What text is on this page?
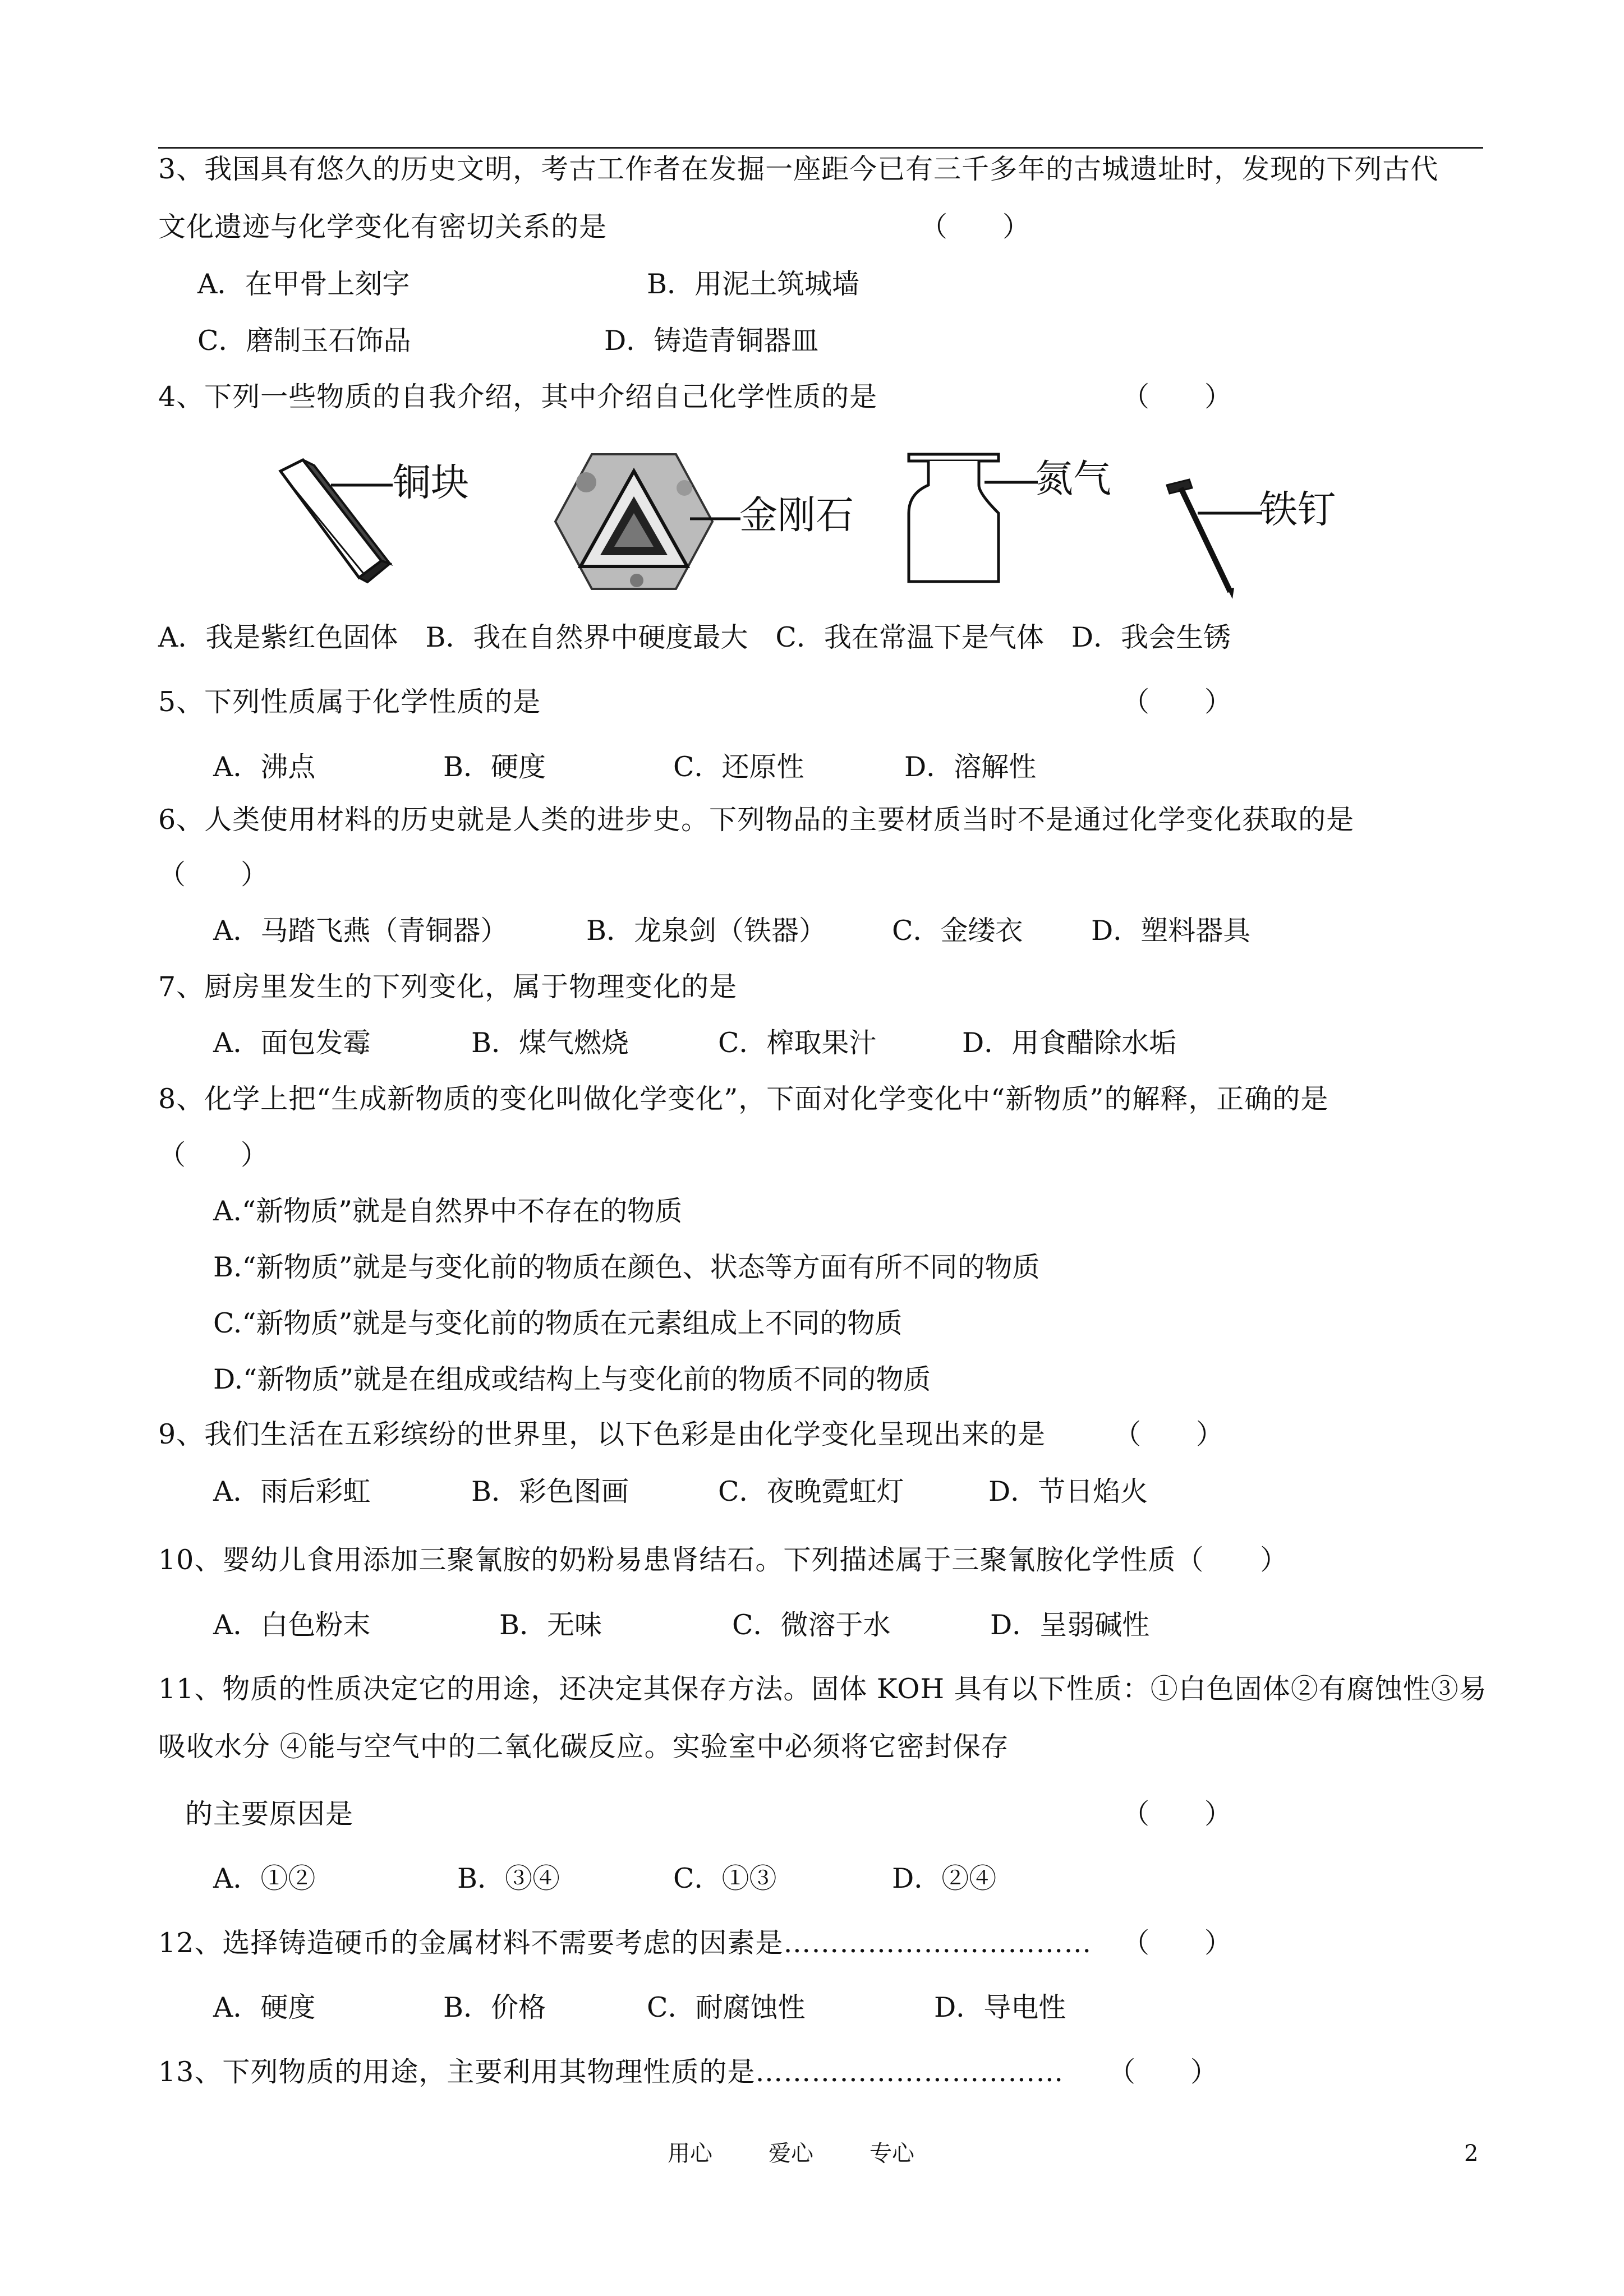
3、我国具有悠久的历史文明，考古工作者在发掘一座距今已有三千多年的古城遗址时，发现的下列古代
文化遗迹与化学变化有密切关系的是	（　　）
A．在甲骨上刻字	B．用泥土筑城墙
C．磨制玉石饰品	D．铸造青铜器皿
4、下列一些物质的自我介绍，其中介绍自己化学性质的是	（　　）
铜块
金刚石
氮气
铁钉
A．我是紫红色固体　B．我在自然界中硬度最大　C．我在常温下是气体　D．我会生锈
5、下列性质属于化学性质的是	（　　）
A．沸点	B．硬度	C．还原性	D．溶解性
6、人类使用材料的历史就是人类的进步史。下列物品的主要材质当时不是通过化学变化获取的是
（　　）
A．马踏飞燕（青铜器）	B．龙泉剑（铁器） C．金缕衣 D．塑料器具
7、厨房里发生的下列变化，属于物理变化的是
A．面包发霉	B．煤气燃烧	C．榨取果汁	D．用食醋除水垢
8、化学上把“生成新物质的变化叫做化学变化”，下面对化学变化中“新物质”的解释，正确的是
（　　）
A.“新物质”就是自然界中不存在的物质
B.“新物质”就是与变化前的物质在颜色、状态等方面有所不同的物质
C.“新物质”就是与变化前的物质在元素组成上不同的物质
D.“新物质”就是在组成或结构上与变化前的物质不同的物质
9、我们生活在五彩缤纷的世界里，以下色彩是由化学变化呈现出来的是 （　　）
A．雨后彩虹	B．彩色图画	C．夜晚霓虹灯	D．节日焰火
10、婴幼儿食用添加三聚氰胺的奶粉易患肾结石。下列描述属于三聚氰胺化学性质（　　）
A．白色粉末	B．无味	C．微溶于水	D．呈弱碱性
11、物质的性质决定它的用途，还决定其保存方法。固体 KOH 具有以下性质：①白色固体②有腐蚀性③易
吸收水分 ④能与空气中的二氧化碳反应。实验室中必须将它密封保存
的主要原因是	（　　）
A．①②	B．③④	C．①③	D．②④
12、选择铸造硬币的金属材料不需要考虑的因素是…………………………… （　　）
A．硬度	B．价格	C．耐腐蚀性	D．导电性
13、下列物质的用途，主要利用其物理性质的是…………………………… （　　）
用心	爱心	专心	2
